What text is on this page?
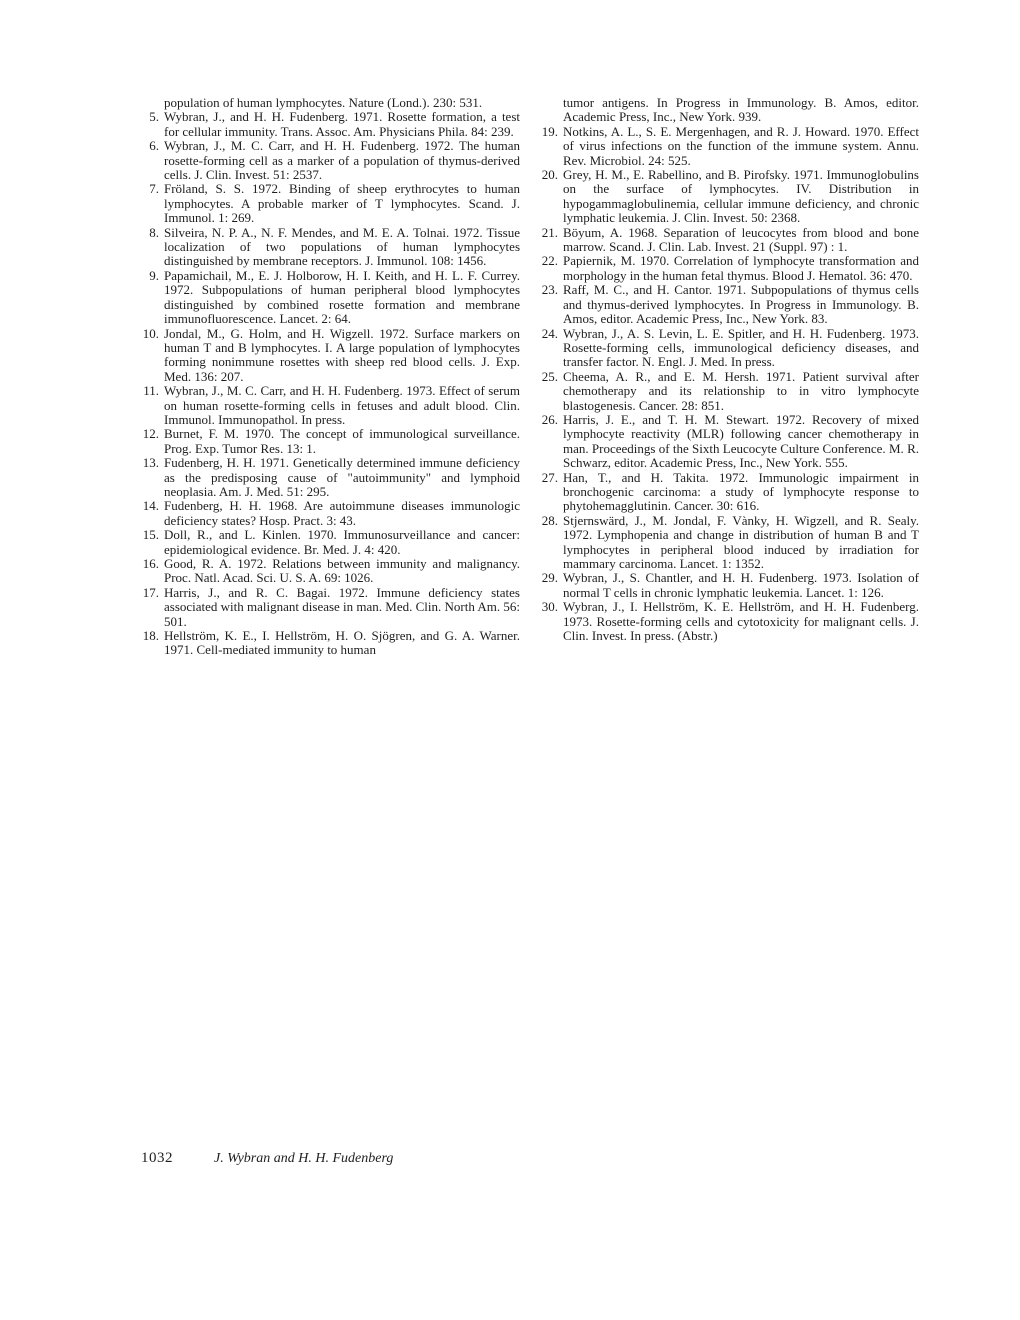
population of human lymphocytes. Nature (Lond.). 230: 531.

5. Wybran, J., and H. H. Fudenberg. 1971. Rosette formation, a test for cellular immunity. Trans. Assoc. Am. Physicians Phila. 84: 239.
6. Wybran, J., M. C. Carr, and H. H. Fudenberg. 1972. The human rosette-forming cell as a marker of a population of thymus-derived cells. J. Clin. Invest. 51: 2537.
7. Fröland, S. S. 1972. Binding of sheep erythrocytes to human lymphocytes. A probable marker of T lymphocytes. Scand. J. Immunol. 1: 269.
8. Silveira, N. P. A., N. F. Mendes, and M. E. A. Tolnai. 1972. Tissue localization of two populations of human lymphocytes distinguished by membrane receptors. J. Immunol. 108: 1456.
9. Papamichail, M., E. J. Holborow, H. I. Keith, and H. L. F. Currey. 1972. Subpopulations of human peripheral blood lymphocytes distinguished by combined rosette formation and membrane immunofluorescence. Lancet. 2: 64.
10. Jondal, M., G. Holm, and H. Wigzell. 1972. Surface markers on human T and B lymphocytes. I. A large population of lymphocytes forming nonimmune rosettes with sheep red blood cells. J. Exp. Med. 136: 207.
11. Wybran, J., M. C. Carr, and H. H. Fudenberg. 1973. Effect of serum on human rosette-forming cells in fetuses and adult blood. Clin. Immunol. Immunopathol. In press.
12. Burnet, F. M. 1970. The concept of immunological surveillance. Prog. Exp. Tumor Res. 13: 1.
13. Fudenberg, H. H. 1971. Genetically determined immune deficiency as the predisposing cause of "autoimmunity" and lymphoid neoplasia. Am. J. Med. 51: 295.
14. Fudenberg, H. H. 1968. Are autoimmune diseases immunologic deficiency states? Hosp. Pract. 3: 43.
15. Doll, R., and L. Kinlen. 1970. Immunosurveillance and cancer: epidemiological evidence. Br. Med. J. 4: 420.
16. Good, R. A. 1972. Relations between immunity and malignancy. Proc. Natl. Acad. Sci. U. S. A. 69: 1026.
17. Harris, J., and R. C. Bagai. 1972. Immune deficiency states associated with malignant disease in man. Med. Clin. North Am. 56: 501.
18. Hellström, K. E., I. Hellström, H. O. Sjögren, and G. A. Warner. 1971. Cell-mediated immunity to human

tumor antigens. In Progress in Immunology. B. Amos, editor. Academic Press, Inc., New York. 939.

19. Notkins, A. L., S. E. Mergenhagen, and R. J. Howard. 1970. Effect of virus infections on the function of the immune system. Annu. Rev. Microbiol. 24: 525.
20. Grey, H. M., E. Rabellino, and B. Pirofsky. 1971. Immunoglobulins on the surface of lymphocytes. IV. Distribution in hypogammaglobulinemia, cellular immune deficiency, and chronic lymphatic leukemia. J. Clin. Invest. 50: 2368.
21. Böyum, A. 1968. Separation of leucocytes from blood and bone marrow. Scand. J. Clin. Lab. Invest. 21 (Suppl. 97) : 1.
22. Papiernik, M. 1970. Correlation of lymphocyte transformation and morphology in the human fetal thymus. Blood J. Hematol. 36: 470.
23. Raff, M. C., and H. Cantor. 1971. Subpopulations of thymus cells and thymus-derived lymphocytes. In Progress in Immunology. B. Amos, editor. Academic Press, Inc., New York. 83.
24. Wybran, J., A. S. Levin, L. E. Spitler, and H. H. Fudenberg. 1973. Rosette-forming cells, immunological deficiency diseases, and transfer factor. N. Engl. J. Med. In press.
25. Cheema, A. R., and E. M. Hersh. 1971. Patient survival after chemotherapy and its relationship to in vitro lymphocyte blastogenesis. Cancer. 28: 851.
26. Harris, J. E., and T. H. M. Stewart. 1972. Recovery of mixed lymphocyte reactivity (MLR) following cancer chemotherapy in man. Proceedings of the Sixth Leucocyte Culture Conference. M. R. Schwarz, editor. Academic Press, Inc., New York. 555.
27. Han, T., and H. Takita. 1972. Immunologic impairment in bronchogenic carcinoma: a study of lymphocyte response to phytohemagglutinin. Cancer. 30: 616.
28. Stjernswärd, J., M. Jondal, F. Vànky, H. Wigzell, and R. Sealy. 1972. Lymphopenia and change in distribution of human B and T lymphocytes in peripheral blood induced by irradiation for mammary carcinoma. Lancet. 1: 1352.
29. Wybran, J., S. Chantler, and H. H. Fudenberg. 1973. Isolation of normal T cells in chronic lymphatic leukemia. Lancet. 1: 126.
30. Wybran, J., I. Hellström, K. E. Hellström, and H. H. Fudenberg. 1973. Rosette-forming cells and cytotoxicity for malignant cells. J. Clin. Invest. In press. (Abstr.)
1032	J. Wybran and H. H. Fudenberg
